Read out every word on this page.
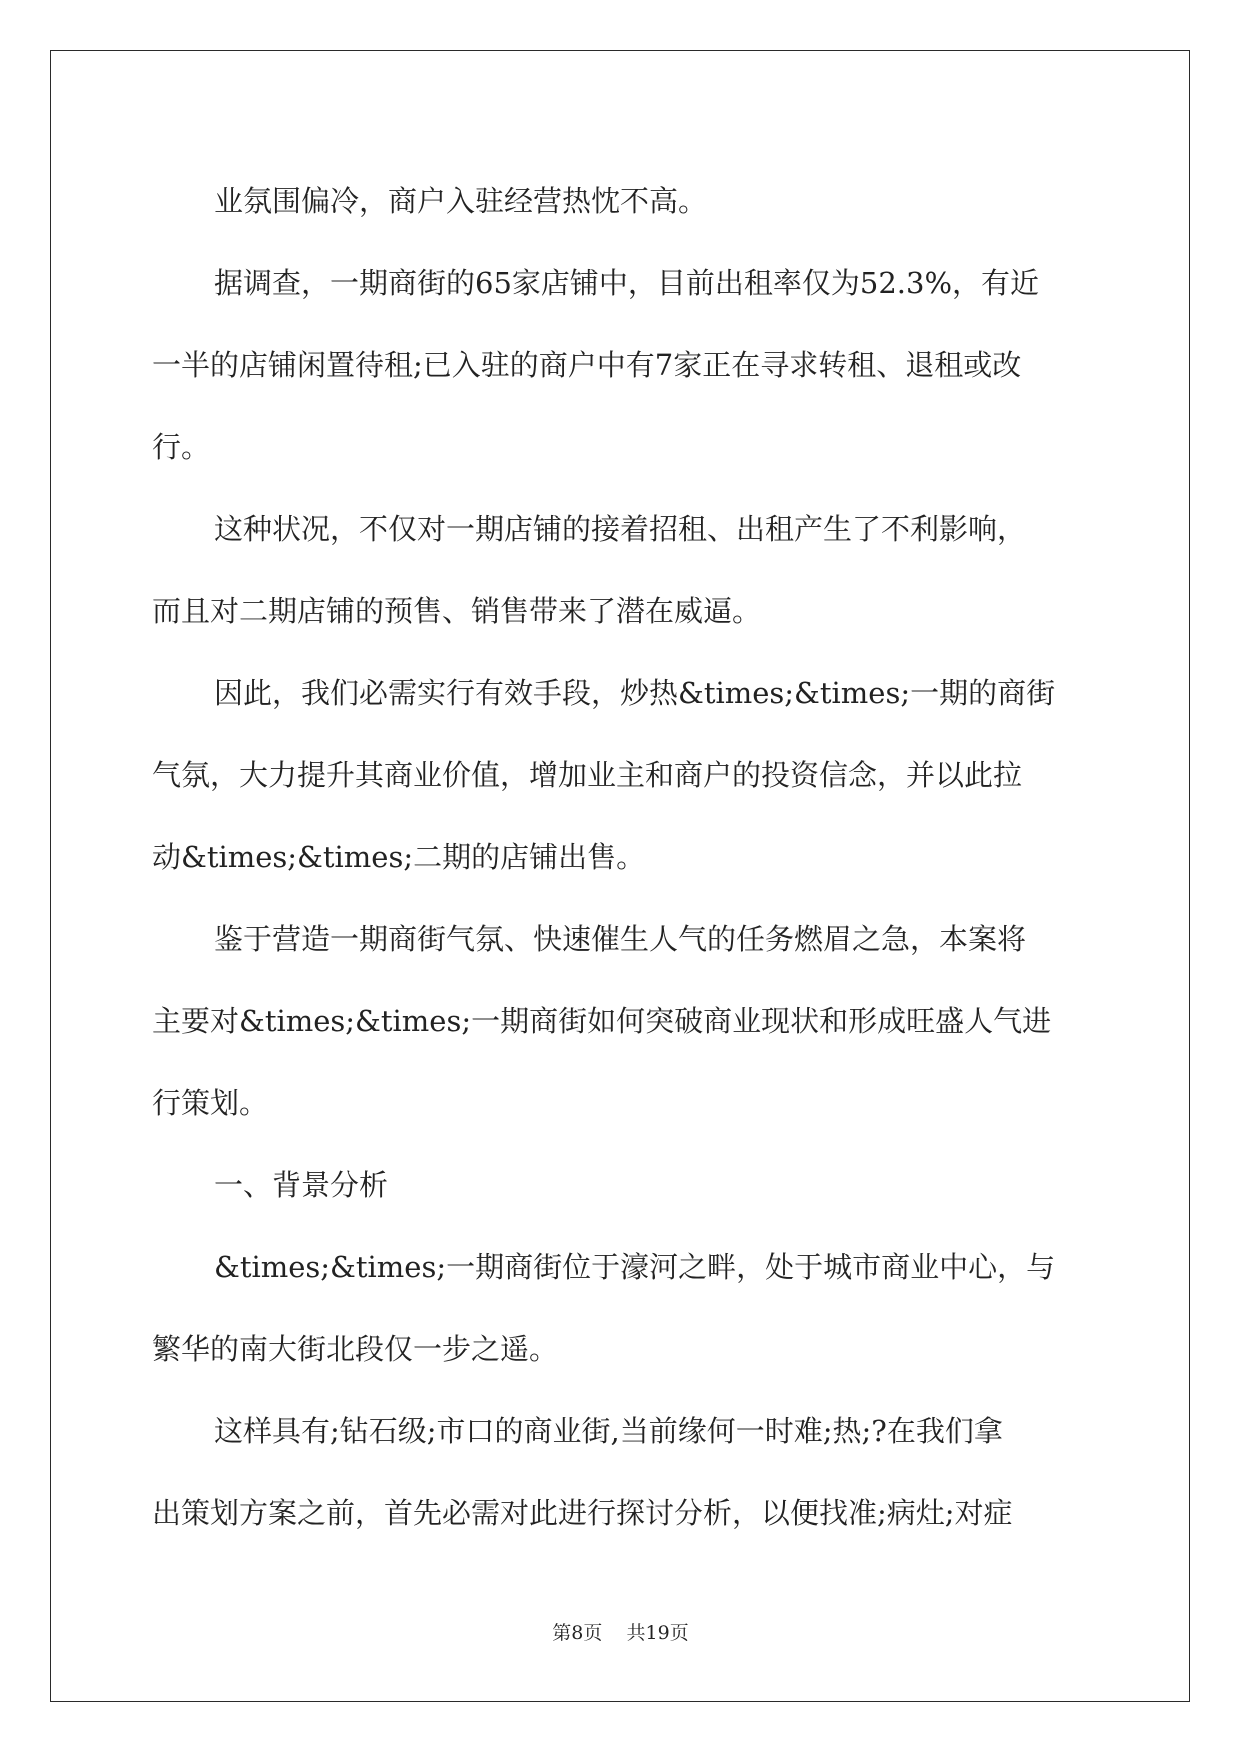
业氛围偏冷，商户入驻经营热忱不高。
据调查，一期商街的65家店铺中，目前出租率仅为52.3%，有近
一半的店铺闲置待租;已入驻的商户中有7家正在寻求转租、退租或改
行。
这种状况，不仅对一期店铺的接着招租、出租产生了不利影响，
而且对二期店铺的预售、销售带来了潜在威逼。
因此，我们必需实行有效手段，炒热&times;&times;一期的商街
气氛，大力提升其商业价值，增加业主和商户的投资信念，并以此拉
动&times;&times;二期的店铺出售。
鉴于营造一期商街气氛、快速催生人气的任务燃眉之急，本案将
主要对&times;&times;一期商街如何突破商业现状和形成旺盛人气进
行策划。
一、背景分析
&times;&times;一期商街位于濠河之畔，处于城市商业中心，与
繁华的南大街北段仅一步之遥。
这样具有;钻石级;市口的商业街,当前缘何一时难;热;?在我们拿
出策划方案之前，首先必需对此进行探讨分析，以便找准;病灶;对症
第8页 共19页
